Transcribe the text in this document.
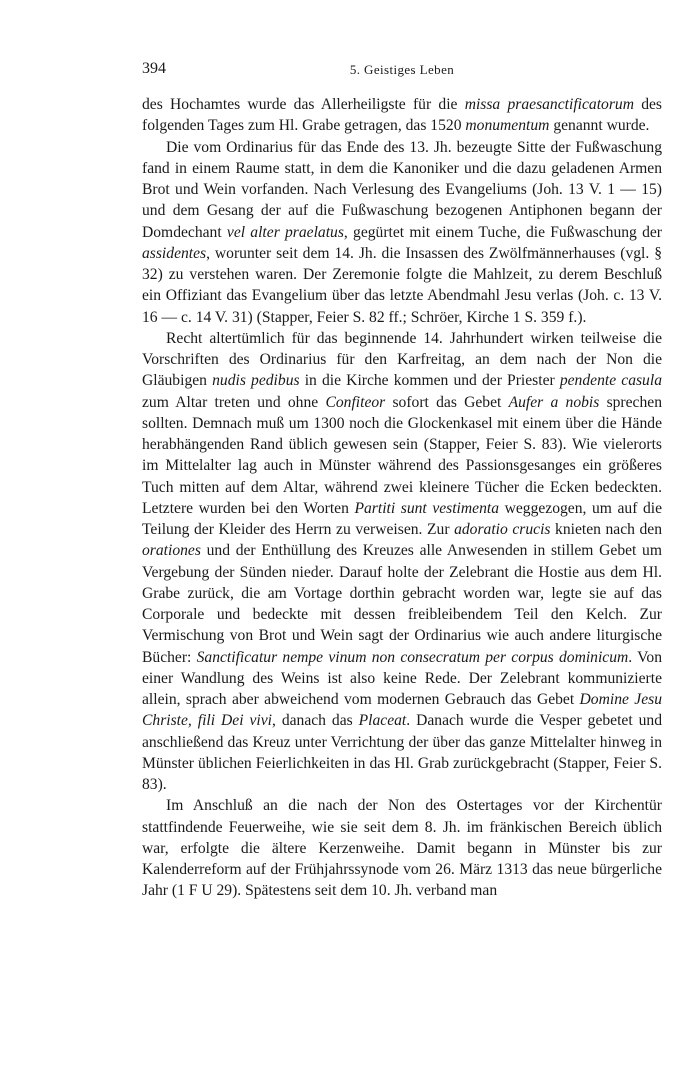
394	5. Geistiges Leben

des Hochamtes wurde das Allerheiligste für die missa praesanctificatorum des folgenden Tages zum Hl. Grabe getragen, das 1520 monumentum genannt wurde.

Die vom Ordinarius für das Ende des 13. Jh. bezeugte Sitte der Fußwaschung fand in einem Raume statt, in dem die Kanoniker und die dazu geladenen Armen Brot und Wein vorfanden. Nach Verlesung des Evangeliums (Joh. 13 V. 1 — 15) und dem Gesang der auf die Fußwaschung bezogenen Antiphonen begann der Domdechant vel alter praelatus, gegürtet mit einem Tuche, die Fußwaschung der assidentes, worunter seit dem 14. Jh. die Insassen des Zwölfmännerhauses (vgl. § 32) zu verstehen waren. Der Zeremonie folgte die Mahlzeit, zu derem Beschluß ein Offiziant das Evangelium über das letzte Abendmahl Jesu verlas (Joh. c. 13 V. 16 — c. 14 V. 31) (Stapper, Feier S. 82 ff.; Schröer, Kirche 1 S. 359 f.).

Recht altertümlich für das beginnende 14. Jahrhundert wirken teilweise die Vorschriften des Ordinarius für den Karfreitag, an dem nach der Non die Gläubigen nudis pedibus in die Kirche kommen und der Priester pendente casula zum Altar treten und ohne Confiteor sofort das Gebet Aufer a nobis sprechen sollten. Demnach muß um 1300 noch die Glockenkasel mit einem über die Hände herabhängenden Rand üblich gewesen sein (Stapper, Feier S. 83). Wie vielerorts im Mittelalter lag auch in Münster während des Passionsgesanges ein größeres Tuch mitten auf dem Altar, während zwei kleinere Tücher die Ecken bedeckten. Letztere wurden bei den Worten Partiti sunt vestimenta weggezogen, um auf die Teilung der Kleider des Herrn zu verweisen. Zur adoratio crucis knieten nach den orationes und der Enthüllung des Kreuzes alle Anwesenden in stillem Gebet um Vergebung der Sünden nieder. Darauf holte der Zelebrant die Hostie aus dem Hl. Grabe zurück, die am Vortage dorthin gebracht worden war, legte sie auf das Corporale und bedeckte mit dessen freibleibendem Teil den Kelch. Zur Vermischung von Brot und Wein sagt der Ordinarius wie auch andere liturgische Bücher: Sanctificatur nempe vinum non consecratum per corpus dominicum. Von einer Wandlung des Weins ist also keine Rede. Der Zelebrant kommunizierte allein, sprach aber abweichend vom modernen Gebrauch das Gebet Domine Jesu Christe, fili Dei vivi, danach das Placeat. Danach wurde die Vesper gebetet und anschließend das Kreuz unter Verrichtung der über das ganze Mittelalter hinweg in Münster üblichen Feierlichkeiten in das Hl. Grab zurückgebracht (Stapper, Feier S. 83).

Im Anschluß an die nach der Non des Ostertages vor der Kirchentür stattfindende Feuerweihe, wie sie seit dem 8. Jh. im fränkischen Bereich üblich war, erfolgte die ältere Kerzenweihe. Damit begann in Münster bis zur Kalenderreform auf der Frühjahrssynode vom 26. März 1313 das neue bürgerliche Jahr (1 F U 29). Spätestens seit dem 10. Jh. verband man
